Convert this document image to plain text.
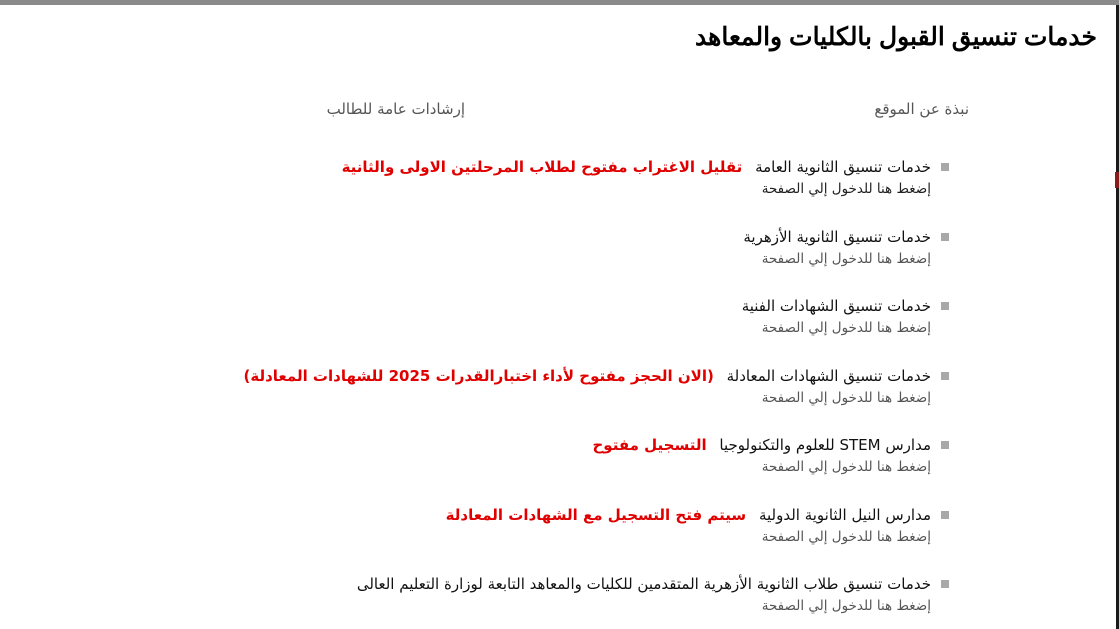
خدمات تنسيق القبول بالكليات والمعاهد
نبذة عن الموقع
إرشادات عامة للطالب
خدمات تنسيق الثانوية العامة تقليل الاغتراب مفتوح لطلاب المرحلتين الاولى والثانية
إضغط هنا للدخول إلي الصفحة
خدمات تنسيق الثانوية الأزهرية
إضغط هنا للدخول إلي الصفحة
خدمات تنسيق الشهادات الفنية
إضغط هنا للدخول إلي الصفحة
خدمات تنسيق الشهادات المعادلة (الان الحجز مفتوح لأداء اختبارالقدرات 2025 للشهادات المعادلة)
إضغط هنا للدخول إلي الصفحة
مدارس STEM للعلوم والتكنولوجيا التسجيل مفتوح
إضغط هنا للدخول إلي الصفحة
مدارس النيل الثانوية الدولية سيتم فتح التسجيل مع الشهادات المعادلة
إضغط هنا للدخول إلي الصفحة
خدمات تنسيق طلاب الثانوية الأزهرية المتقدمين للكليات والمعاهد التابعة لوزارة التعليم العالى
إضغط هنا للدخول إلي الصفحة
